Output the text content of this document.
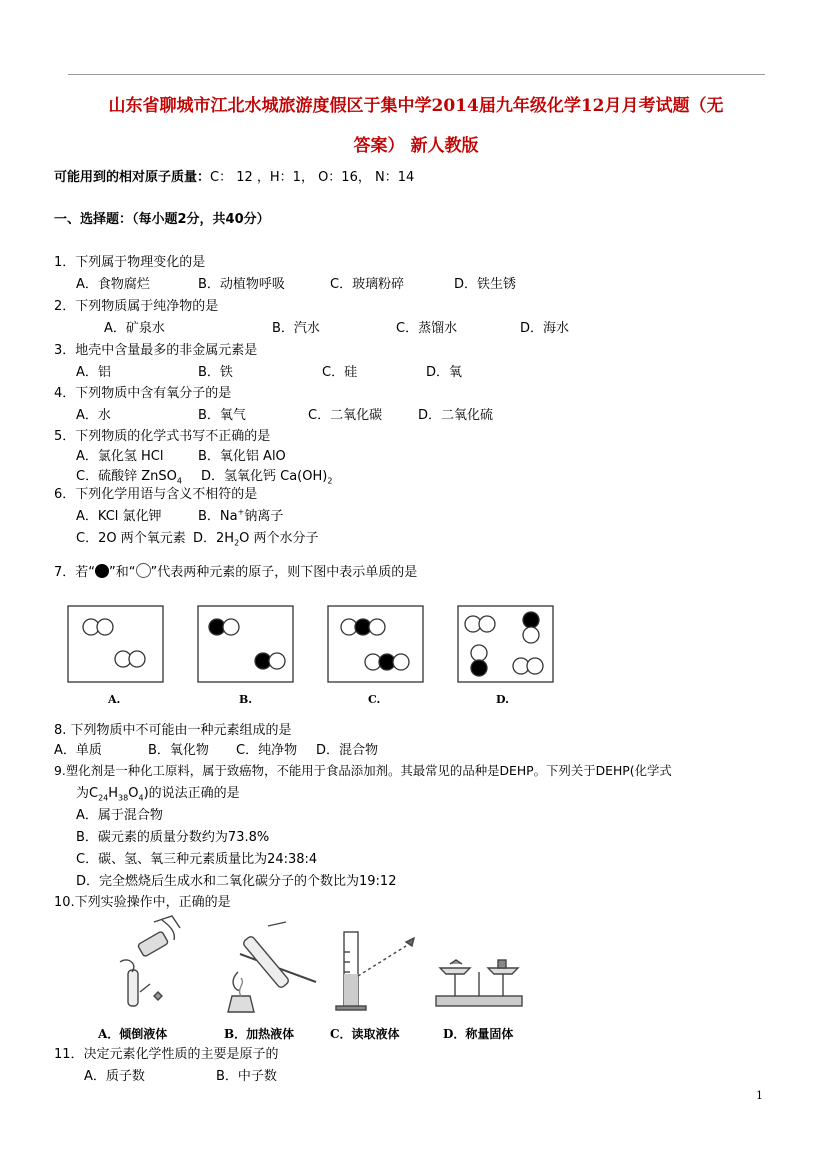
山东省聊城市江北水城旅游度假区于集中学2014届九年级化学12月月考试题（无
答案） 新人教版
可能用到的相对原子质量：C： 12 ，H：1， O：16， N：14
一、选择题：（每小题2分，共40分）
1．下列属于物理变化的是
A．食物腐烂	B．动植物呼吸	C．玻璃粉碎	D．铁生锈
2．下列物质属于纯净物的是
A．矿泉水	B．汽水	C．蒸馏水	D．海水
3．地壳中含量最多的非金属元素是
A．铝	B．铁	C．硅	D．氧
4．下列物质中含有氧分子的是
A．水	B．氧气	C．二氧化碳	D．二氧化硫
5．下列物质的化学式书写不正确的是
A．氯化氢 HCl	B．氧化铝 AlO
C．硫酸锌 ZnSO$_4$ D．氢氧化钙 $Ca(OH)_2$
6．下列化学用语与含义不相符的是
A．KCl 氯化钾	B．Na+钠离子
C．2O 两个氧元素 D．$2H_2O$ 两个水分子
7．若“ ”和“ ”代表两种元素的原子，则下图中表示单质的是
A.	B.	C.	D.
8. 下列物质中不可能由一种元素组成的是
A．单质	B．氧化物 C．纯净物 D．混合物
9.塑化剂是一种化工原料，属于致癌物，不能用于食品添加剂。其最常见的品种是DEHP。下列关于DEHP(化学式
为$C_{24}H_{38}O_4$)的说法正确的是
A．属于混合物
B．碳元素的质量分数约为73.8%
C．碳、氢、氧三种元素质量比为24:38:4
D．完全燃烧后生成水和二氧化碳分子的个数比为19:12
10.下列实验操作中，正确的是
A．倾倒液体	B．加热液体	C．读取液体	D．称量固体
11．决定元素化学性质的主要是原子的
A．质子数	B．中子数
1
